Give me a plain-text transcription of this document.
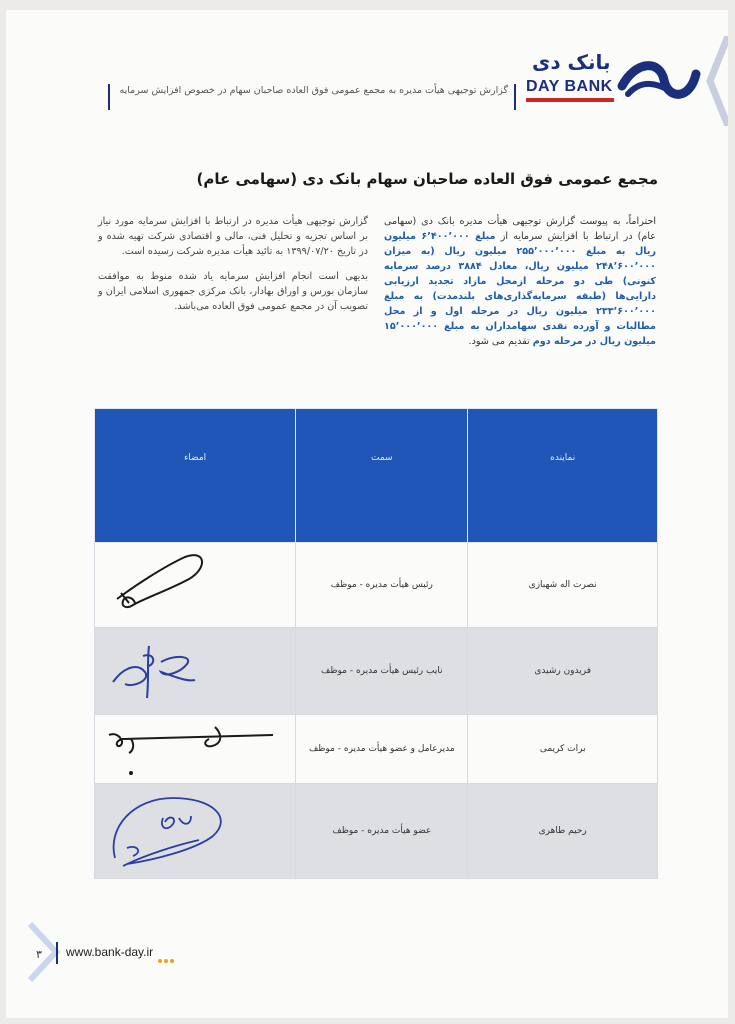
بانک دی
DAY BANK
گزارش توجیهی هیأت مدیره به مجمع عمومی فوق العاده صاحبان سهام در خصوص افزایش سرمایه
مجمع عمومی فوق العاده صاحبان سهام بانک دی (سهامی عام)
احتراماً، به پیوست گزارش توجیهی هیأت مدیره بانک دی (سهامی عام) در ارتباط با افزایش سرمایه از مبلغ ۶٬۴۰۰٬۰۰۰ میلیون ریال به مبلغ ۲۵۵٬۰۰۰٬۰۰۰ میلیون ریال (به میزان ۲۴۸٬۶۰۰٬۰۰۰ میلیون ریال، معادل ۳۸۸۴ درصد سرمایه کنونی) طی دو مرحله ازمحل مازاد تجدید ارزیابی دارایی‌ها (طبقه سرمایه‌گذاری‌های بلندمدت) به مبلغ ۲۳۳٬۶۰۰٬۰۰۰ میلیون ریال در مرحله اول و از محل مطالبات و آورده نقدی سهامداران به مبلغ ۱۵٬۰۰۰٬۰۰۰ میلیون ریال در مرحله دوم تقدیم می شود.

گزارش توجیهی هیأت مدیره در ارتباط با افزایش سرمایه مورد نیاز بر اساس تجزیه و تحلیل فنی، مالی و اقتصادی شرکت تهیه شده و در تاریخ ۱۳۹۹/۰۷/۲۰ به تائید هیأت مدیره شرکت رسیده است.

بدیهی است انجام افزایش سرمایه یاد شده منوط به موافقت سازمان بورس و اوراق بهادار، بانک مرکزی جمهوری اسلامی ایران و تصویب آن در مجمع عمومی فوق العاده می‌باشد.

نماینده	سمت	امضاء
نصرت اله شهبازی	رئیس هیأت مدیره - موظف	

فریدون رشیدی	نایب رئیس هیأت مدیره - موظف	

برات کریمی	مدیرعامل و عضو هیأت مدیره - موظف	

رحیم طاهری	عضو هیأت مدیره - موظف	
۳ www.bank-day.ir
